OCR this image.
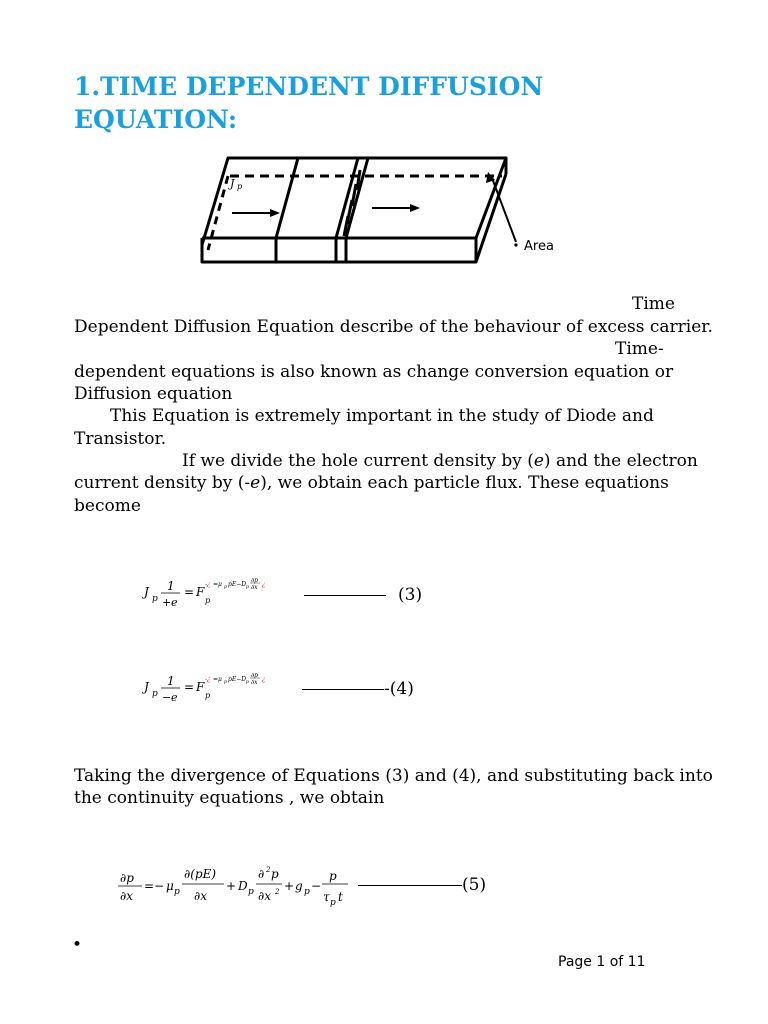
1.TIME DEPENDENT DIFFUSION EQUATION:
J p
Area
Time
Dependent Diffusion Equation describe of the behaviour of excess carrier.
Time-
dependent equations is also known as change conversion equation or
Diffusion equation
This Equation is extremely important in the study of Diode and
Transistor.
If we divide the hole current density by (e) and the electron
current density by (-e), we obtain each particle flux. These equations
become
J p
1
+ e
= F
p
-¿ =μ p pE−D p
∂p
∂x ¿
(3)
J p
1
− e
= F
p
-¿ =μ p pE−D p
∂p
∂x ¿	-(4)
Taking the divergence of Equations (3) and (4), and substituting back into
the continuity equations , we obtain
∂p
∂x
=− μ p
∂(pE)
∂x
+ D p
∂ 2 p
∂x 2 + g p −
p
τ p t
(5)
•
Page 1 of 11
